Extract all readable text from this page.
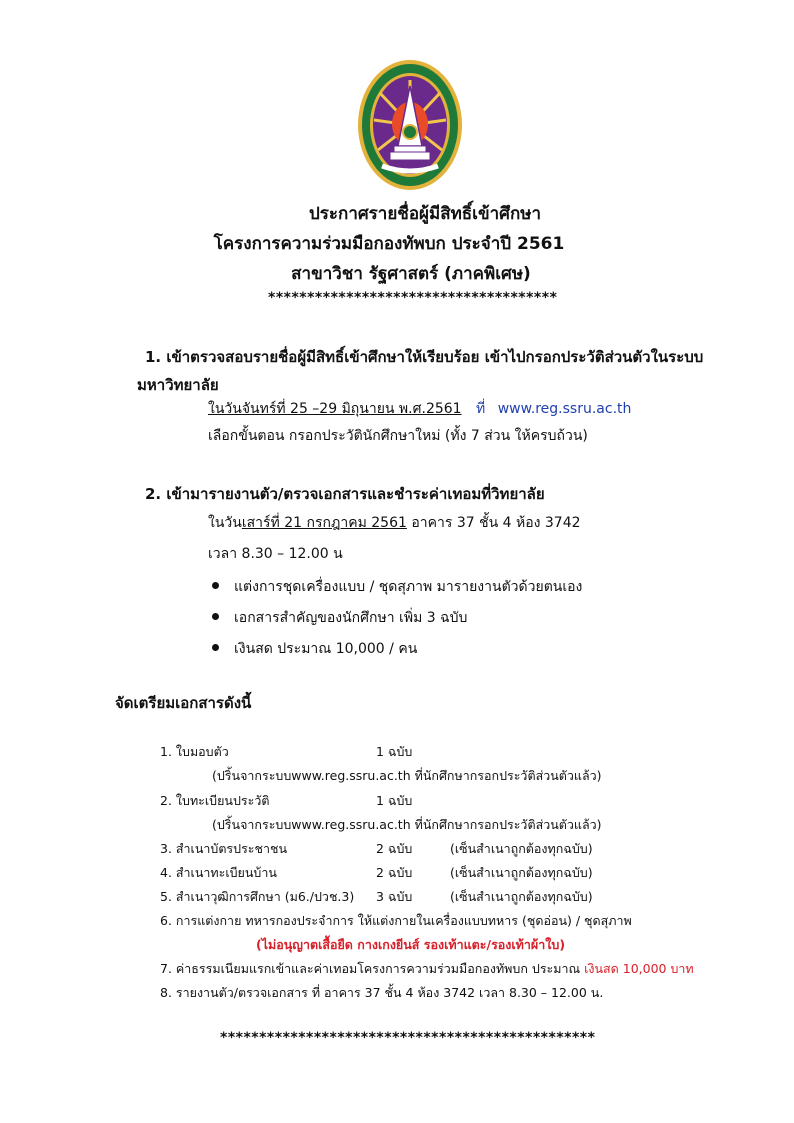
ประกาศรายชื่อผู้มีสิทธิ์เข้าศึกษา
โครงการความร่วมมือกองทัพบก ประจำปี 2561
สาขาวิชา รัฐศาสตร์ (ภาคพิเศษ)
*************************************
1. เข้าตรวจสอบรายชื่อผู้มีสิทธิ์เข้าศึกษาให้เรียบร้อย เข้าไปกรอกประวัติส่วนตัวในระบบ
มหาวิทยาลัย
ในวันจันทร์ที่ 25 –29 มิถุนายน พ.ศ.2561 ที่ www.reg.ssru.ac.th
เลือกขั้นตอน กรอกประวัตินักศึกษาใหม่ (ทั้ง 7 ส่วน ให้ครบถ้วน)
2. เข้ามารายงานตัว/ตรวจเอกสารและชำระค่าเทอมที่วิทยาลัย
ในวันเสาร์ที่ 21 กรกฎาคม 2561 อาคาร 37 ชั้น 4 ห้อง 3742
เวลา 8.30 – 12.00 น
แต่งการชุดเครื่องแบบ / ชุดสุภาพ มารายงานตัวด้วยตนเอง
เอกสารสำคัญของนักศึกษา เพิ่ม 3 ฉบับ
เงินสด ประมาณ 10,000 / คน
จัดเตรียมเอกสารดังนี้
1. ใบมอบตัว	1 ฉบับ
(ปริ้นจากระบบwww.reg.ssru.ac.th ที่นักศึกษากรอกประวัติส่วนตัวแล้ว)
2. ใบทะเบียนประวัติ	1 ฉบับ
(ปริ้นจากระบบwww.reg.ssru.ac.th ที่นักศึกษากรอกประวัติส่วนตัวแล้ว)
3. สำเนาบัตรประชาชน	2 ฉบับ	(เซ็นสำเนาถูกต้องทุกฉบับ)
4. สำเนาทะเบียนบ้าน	2 ฉบับ	(เซ็นสำเนาถูกต้องทุกฉบับ)
5. สำเนาวุฒิการศึกษา (ม6./ปวช.3) 3 ฉบับ	(เซ็นสำเนาถูกต้องทุกฉบับ)
6. การแต่งกาย ทหารกองประจำการ ให้แต่งกายในเครื่องแบบทหาร (ชุดอ่อน) / ชุดสุภาพ
(ไม่อนุญาตเสื้อยืด กางเกงยีนส์ รองเท้าแตะ/รองเท้าผ้าใบ)
7. ค่าธรรมเนียมแรกเข้าและค่าเทอมโครงการความร่วมมือกองทัพบก ประมาณ เงินสด 10,000 บาท
8. รายงานตัว/ตรวจเอกสาร ที่ อาคาร 37 ชั้น 4 ห้อง 3742 เวลา 8.30 – 12.00 น.
************************************************
